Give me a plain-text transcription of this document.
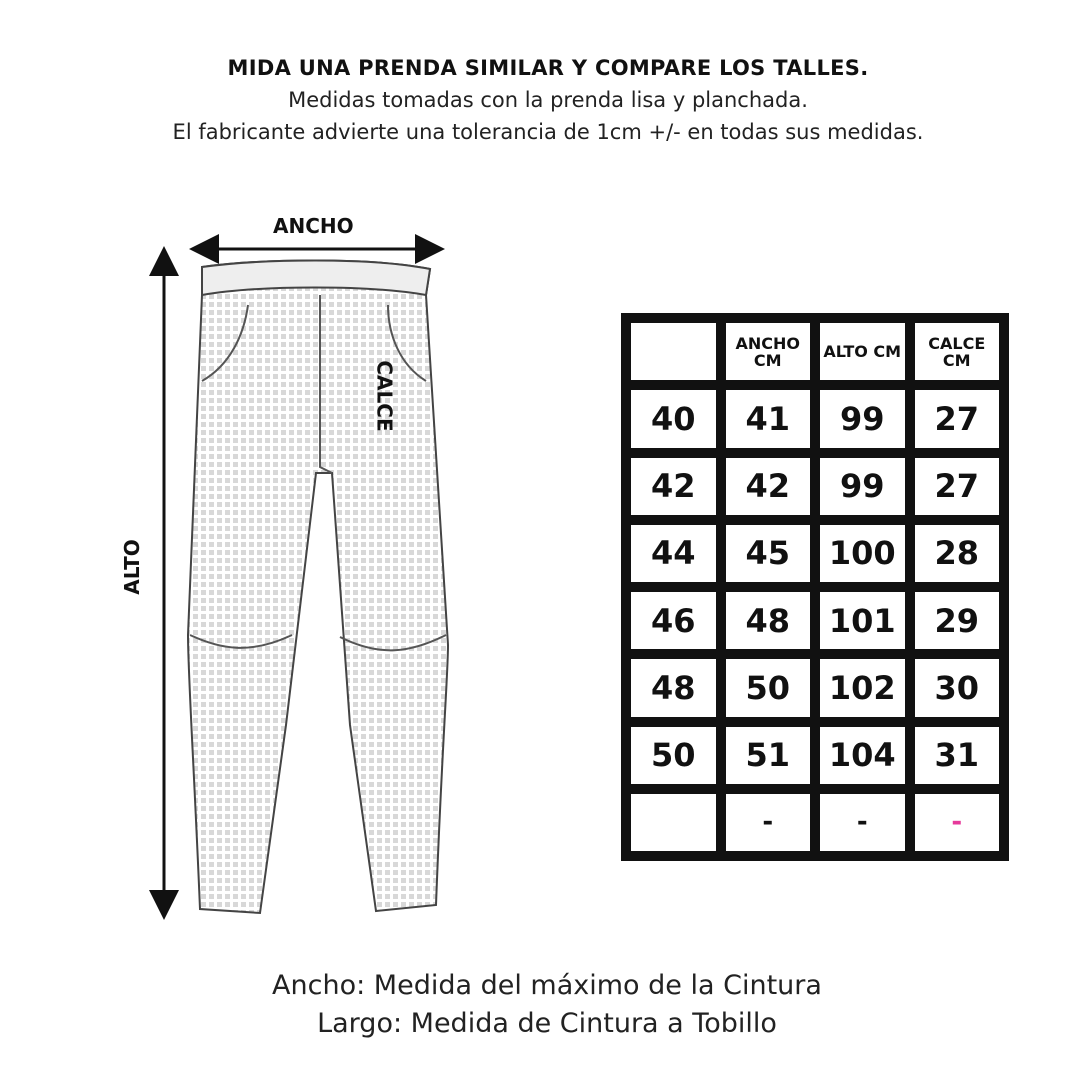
MIDA UNA PRENDA SIMILAR Y COMPARE LOS TALLES.
Medidas tomadas con la prenda lisa y planchada.
El fabricante advierte una tolerancia de 1cm +/- en todas sus medidas.
ANCHO
ALTO
CALCE
	ANCHO CM	ALTO CM	CALCE CM
40	41	99	27
42	42	99	27
44	45	100	28
46	48	101	29
48	50	102	30
50	51	104	31
	-	-	-
Ancho: Medida del máximo de la Cintura
Largo: Medida de Cintura a Tobillo
